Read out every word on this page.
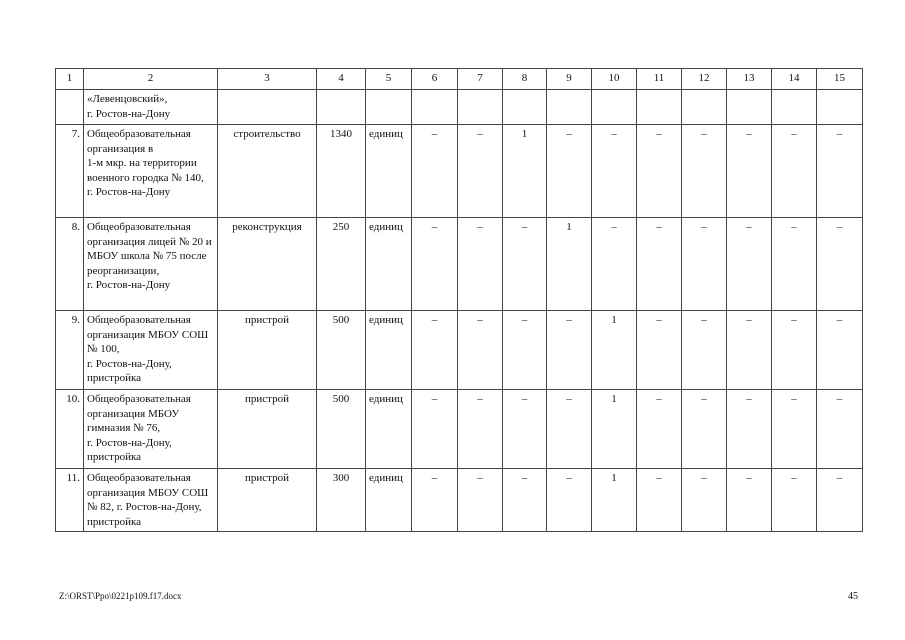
1	2	3	4	5	6	7	8	9	10	11	12	13	14	15
	«Левенцовский»,
г. Ростов-на-Дону													
7.	Общеобразовательная организация в
1-м мкр. на территории военного городка № 140,
г. Ростов-на-Дону	строительство	1340	единиц	–	–	1	–	–	–	–	–	–	–
8.	Общеобразовательная организация лицей № 20 и МБОУ школа № 75 после реорганизации,
г. Ростов-на-Дону	реконструкция	250	единиц	–	–	–	1	–	–	–	–	–	–
9.	Общеобразовательная организация МБОУ СОШ № 100,
г. Ростов-на-Дону, пристройка	пристрой	500	единиц	–	–	–	–	1	–	–	–	–	–
10.	Общеобразовательная организация МБОУ гимназия № 76,
г. Ростов-на-Дону, пристройка	пристрой	500	единиц	–	–	–	–	1	–	–	–	–	–
11.	Общеобразовательная организация МБОУ СОШ № 82, г. Ростов-на-Дону, пристройка	пристрой	300	единиц	–	–	–	–	1	–	–	–	–	–
Z:\ORST\Ppo\0221p109.f17.docx	45
